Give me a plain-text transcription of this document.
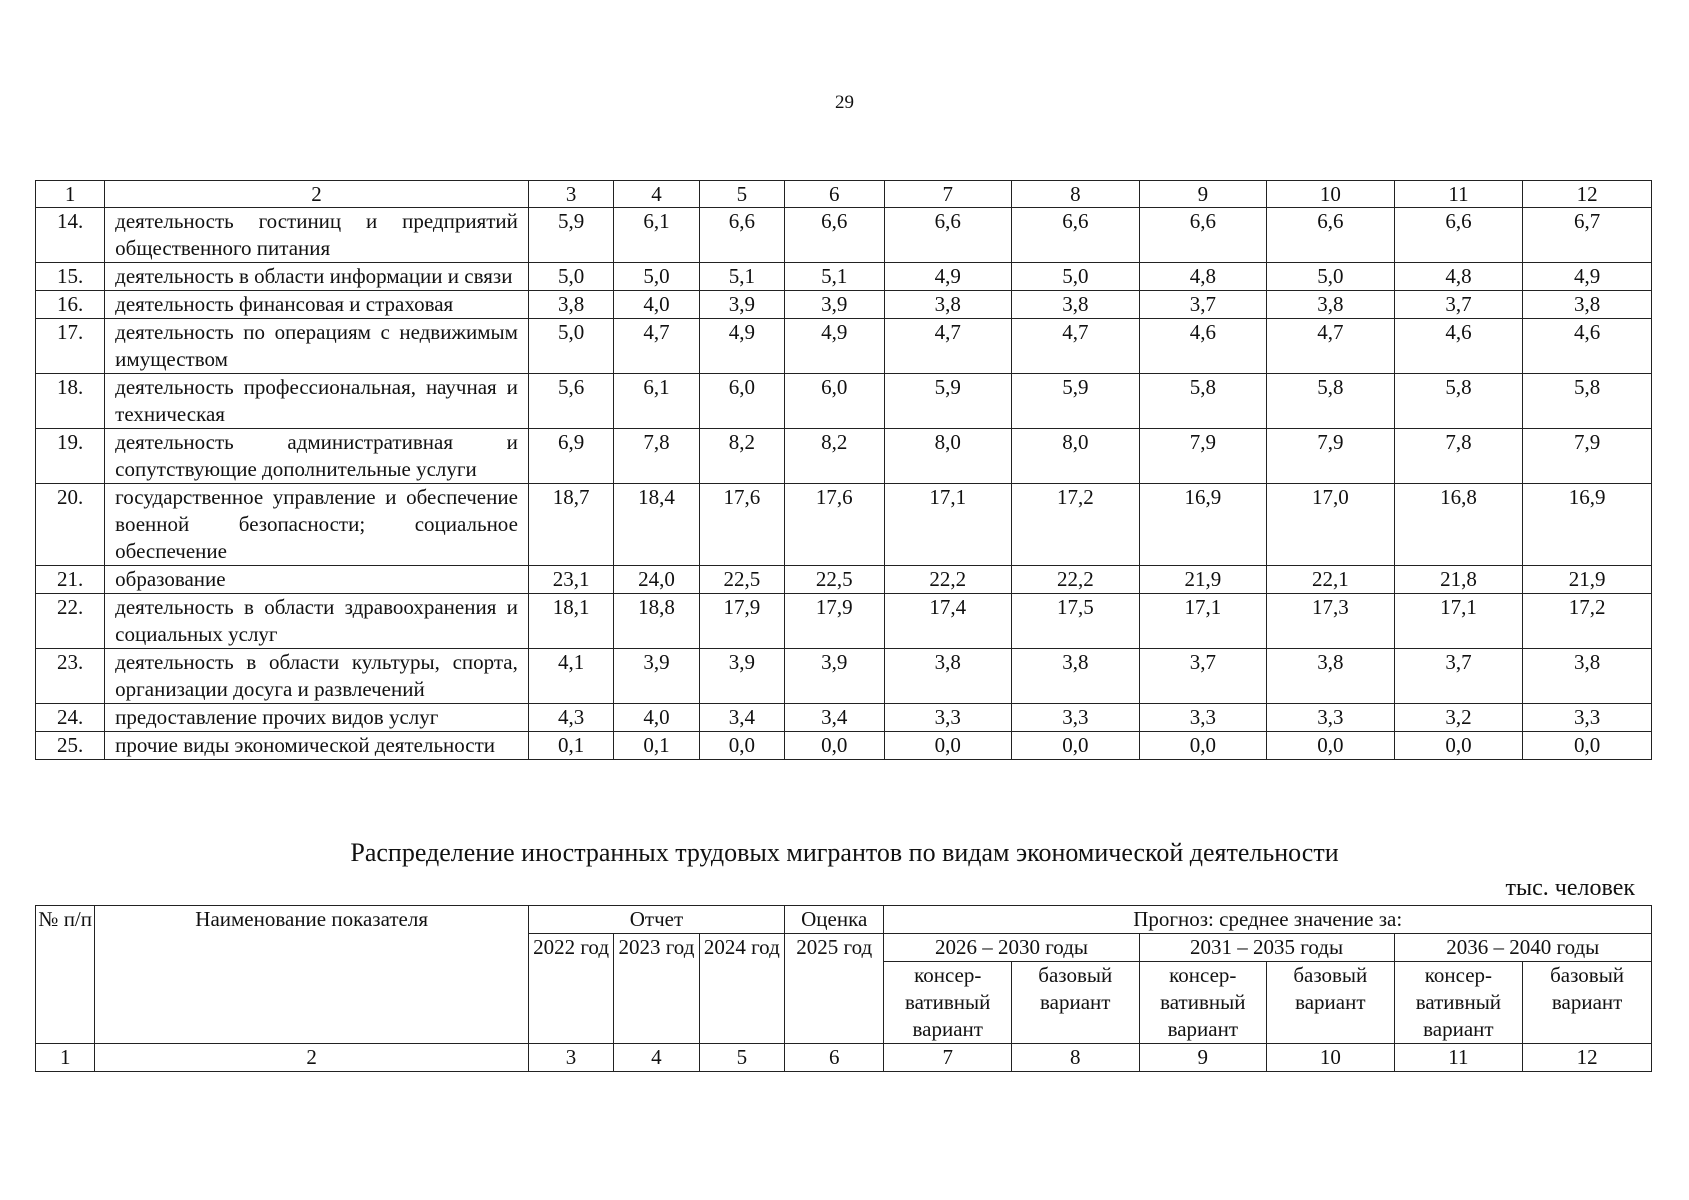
29
1	2	3	4	5	6	7	8	9	10	11	12
14.	деятельность гостиниц и предприятий общественного питания	5,9	6,1	6,6	6,6	6,6	6,6	6,6	6,6	6,6	6,7
15.	деятельность в области информации и связи	5,0	5,0	5,1	5,1	4,9	5,0	4,8	5,0	4,8	4,9
16.	деятельность финансовая и страховая	3,8	4,0	3,9	3,9	3,8	3,8	3,7	3,8	3,7	3,8
17.	деятельность по операциям с недвижимым имуществом	5,0	4,7	4,9	4,9	4,7	4,7	4,6	4,7	4,6	4,6
18.	деятельность профессиональная, научная и техническая	5,6	6,1	6,0	6,0	5,9	5,9	5,8	5,8	5,8	5,8
19.	деятельность административная и сопутствующие дополнительные услуги	6,9	7,8	8,2	8,2	8,0	8,0	7,9	7,9	7,8	7,9
20.	государственное управление и обеспечение военной безопасности; социальное обеспечение	18,7	18,4	17,6	17,6	17,1	17,2	16,9	17,0	16,8	16,9
21.	образование	23,1	24,0	22,5	22,5	22,2	22,2	21,9	22,1	21,8	21,9
22.	деятельность в области здравоохранения и социальных услуг	18,1	18,8	17,9	17,9	17,4	17,5	17,1	17,3	17,1	17,2
23.	деятельность в области культуры, спорта, организации досуга и развлечений	4,1	3,9	3,9	3,9	3,8	3,8	3,7	3,8	3,7	3,8
24.	предоставление прочих видов услуг	4,3	4,0	3,4	3,4	3,3	3,3	3,3	3,3	3,2	3,3
25.	прочие виды экономической деятельности	0,1	0,1	0,0	0,0	0,0	0,0	0,0	0,0	0,0	0,0
Распределение иностранных трудовых мигрантов по видам экономической деятельности
тыс. человек
№ п/п	Наименование показателя	Отчет			Оценка	Прогноз: среднее значение за:					
		2022 год	2023 год	2024 год	2025 год	2026 – 2030 годы		2031 – 2035 годы		2036 – 2040 годы	
						консер-вативный вариант	базовый вариант	консер-вативный вариант	базовый вариант	консер-вативный вариант	базовый вариант
1	2	3	4	5	6	7	8	9	10	11	12
